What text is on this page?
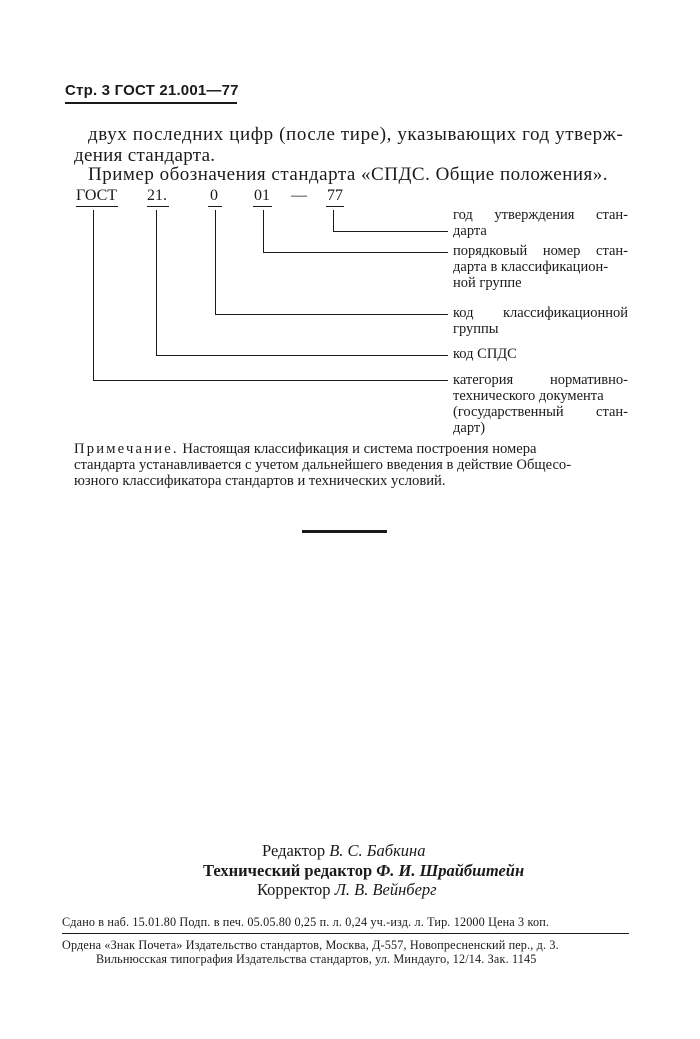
Стр. 3 ГОСТ 21.001—77
двух последних цифр (после тире), указывающих год утверж-
дения стандарта.
Пример обозначения стандарта «СПДС. Общие положения».
ГОСТ 21.	0 01 — 77
год утверждения стан-
дарта
порядковый номер стан-
дарта в классификацион-
ной группе
код классификационной
группы
код СПДС
категория	нормативно-
технического документа
(государственный стан-
дарт)
Примечание. Настоящая классификация и система построения номера
стандарта устанавливается с учетом дальнейшего введения в действие Общесо-
юзного классификатора стандартов и технических условий.
Редактор В. С. Бабкина
Технический редактор Ф. И. Шрайбштейн
Корректор Л. В. Вейнберг
Сдано в наб. 15.01.80 Подп. в печ. 05.05.80 0,25 п. л. 0,24 уч.-изд. л. Тир. 12000 Цена 3 коп.
Ордена «Знак Почета» Издательство стандартов, Москва, Д-557, Новопресненский пер., д. 3.
Вильнюсская типография Издательства стандартов, ул. Миндауго, 12/14. Зак. 1145
